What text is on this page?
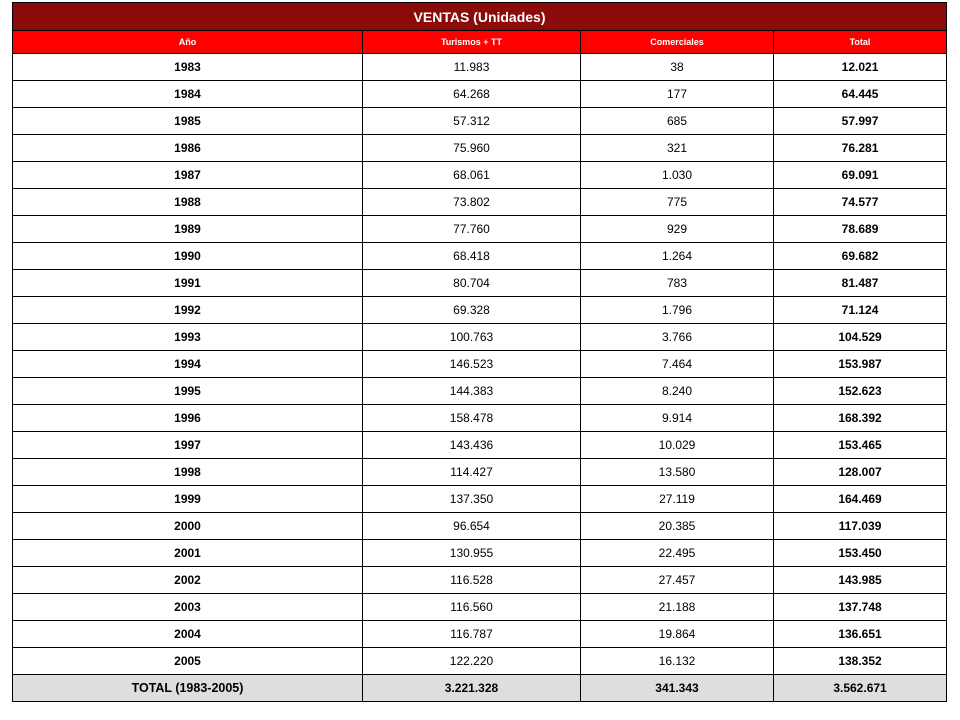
VENTAS (Unidades)			
Año	Turismos + TT	Comerciales	Total
1983	11.983	38	12.021
1984	64.268	177	64.445
1985	57.312	685	57.997
1986	75.960	321	76.281
1987	68.061	1.030	69.091
1988	73.802	775	74.577
1989	77.760	929	78.689
1990	68.418	1.264	69.682
1991	80.704	783	81.487
1992	69.328	1.796	71.124
1993	100.763	3.766	104.529
1994	146.523	7.464	153.987
1995	144.383	8.240	152.623
1996	158.478	9.914	168.392
1997	143.436	10.029	153.465
1998	114.427	13.580	128.007
1999	137.350	27.119	164.469
2000	96.654	20.385	117.039
2001	130.955	22.495	153.450
2002	116.528	27.457	143.985
2003	116.560	21.188	137.748
2004	116.787	19.864	136.651
2005	122.220	16.132	138.352
TOTAL (1983-2005)	3.221.328	341.343	3.562.671
